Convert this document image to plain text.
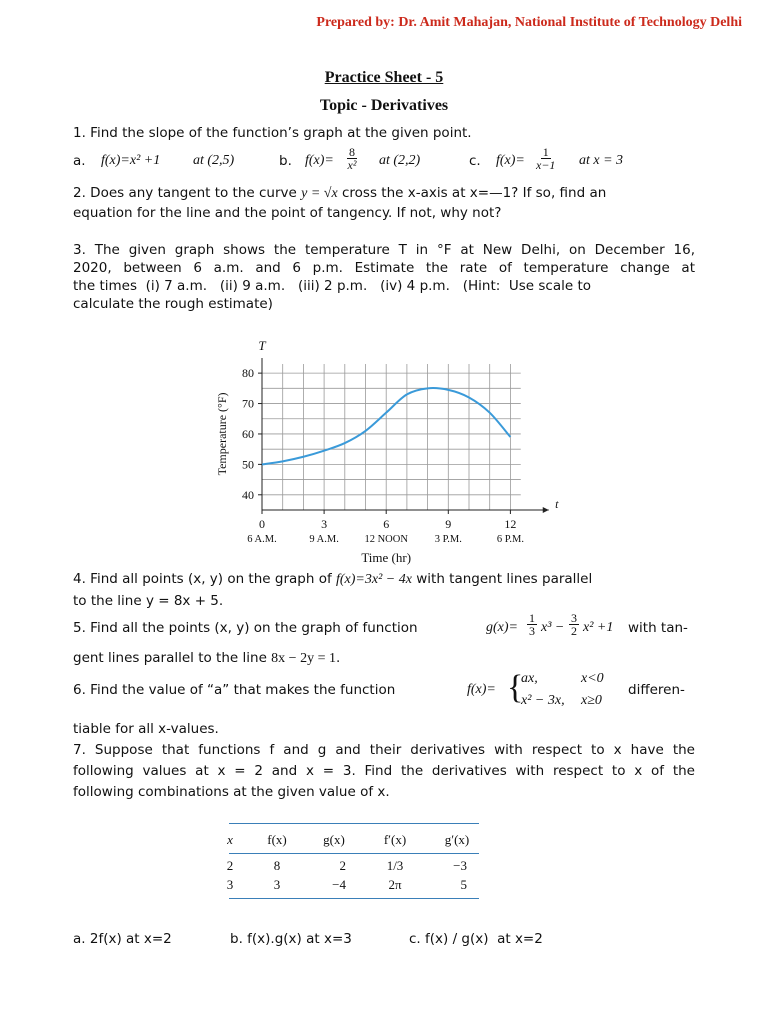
Prepared by: Dr. Amit Mahajan, National Institute of Technology Delhi
Practice Sheet - 5
Topic - Derivatives
1. Find the slope of the function’s graph at the given point.
a. f(x)=x² +1 at (2,5)	b. $f(x)= \frac{8}{\text{x²}}$ at (2,2)	c. $f(x)= \frac{1}{x-1}$ at x = 3
2. Does any tangent to the curve y = √x cross the x-axis at x=—1? If so, find an
equation for the line and the point of tangency. If not, why not?
3. The given graph shows the temperature T in °F at New Delhi, on December 16,
2020, between 6 a.m. and 6 p.m. Estimate the rate of temperature change at
the times  (i) 7 a.m.   (ii) 9 a.m.   (iii) 2 p.m.   (iv) 4 p.m.   (Hint:  Use scale to
calculate the rough estimate)
40
50
60
70
80
0
6 A.M.
3
9 A.M.
6
12 NOON
9
3 P.M.
12
6 P.M.
T
t
Time (hr)
Temperature (°F)
4. Find all points (x, y) on the graph of f(x)=3x² − 4x with tangent lines parallel
to the line y = 8x + 5.
5. Find all the points (x, y) on the graph of function	$g(x)= \frac{1}{3} x^3 - \frac{3}{2} x^2 +1$ with tan-
gent lines parallel to the line 8x − 2y = 1.
6. Find the value of “a” that makes the function	f(x)= {
ax,	x<0
x² − 3x, x≥0
differen-
tiable for all x-values.
7. Suppose that functions f and g and their derivatives with respect to x have the
following values at x = 2 and x = 3. Find the derivatives with respect to x of the
following combinations at the given value of x.
x	f(x)	g(x)	f′(x)	g′(x)
2	8	2	1/3	−3
3	3	−4	2π	5
a. 2f(x) at x=2	b. f(x).g(x) at x=3	c. f(x) / g(x)  at x=2
